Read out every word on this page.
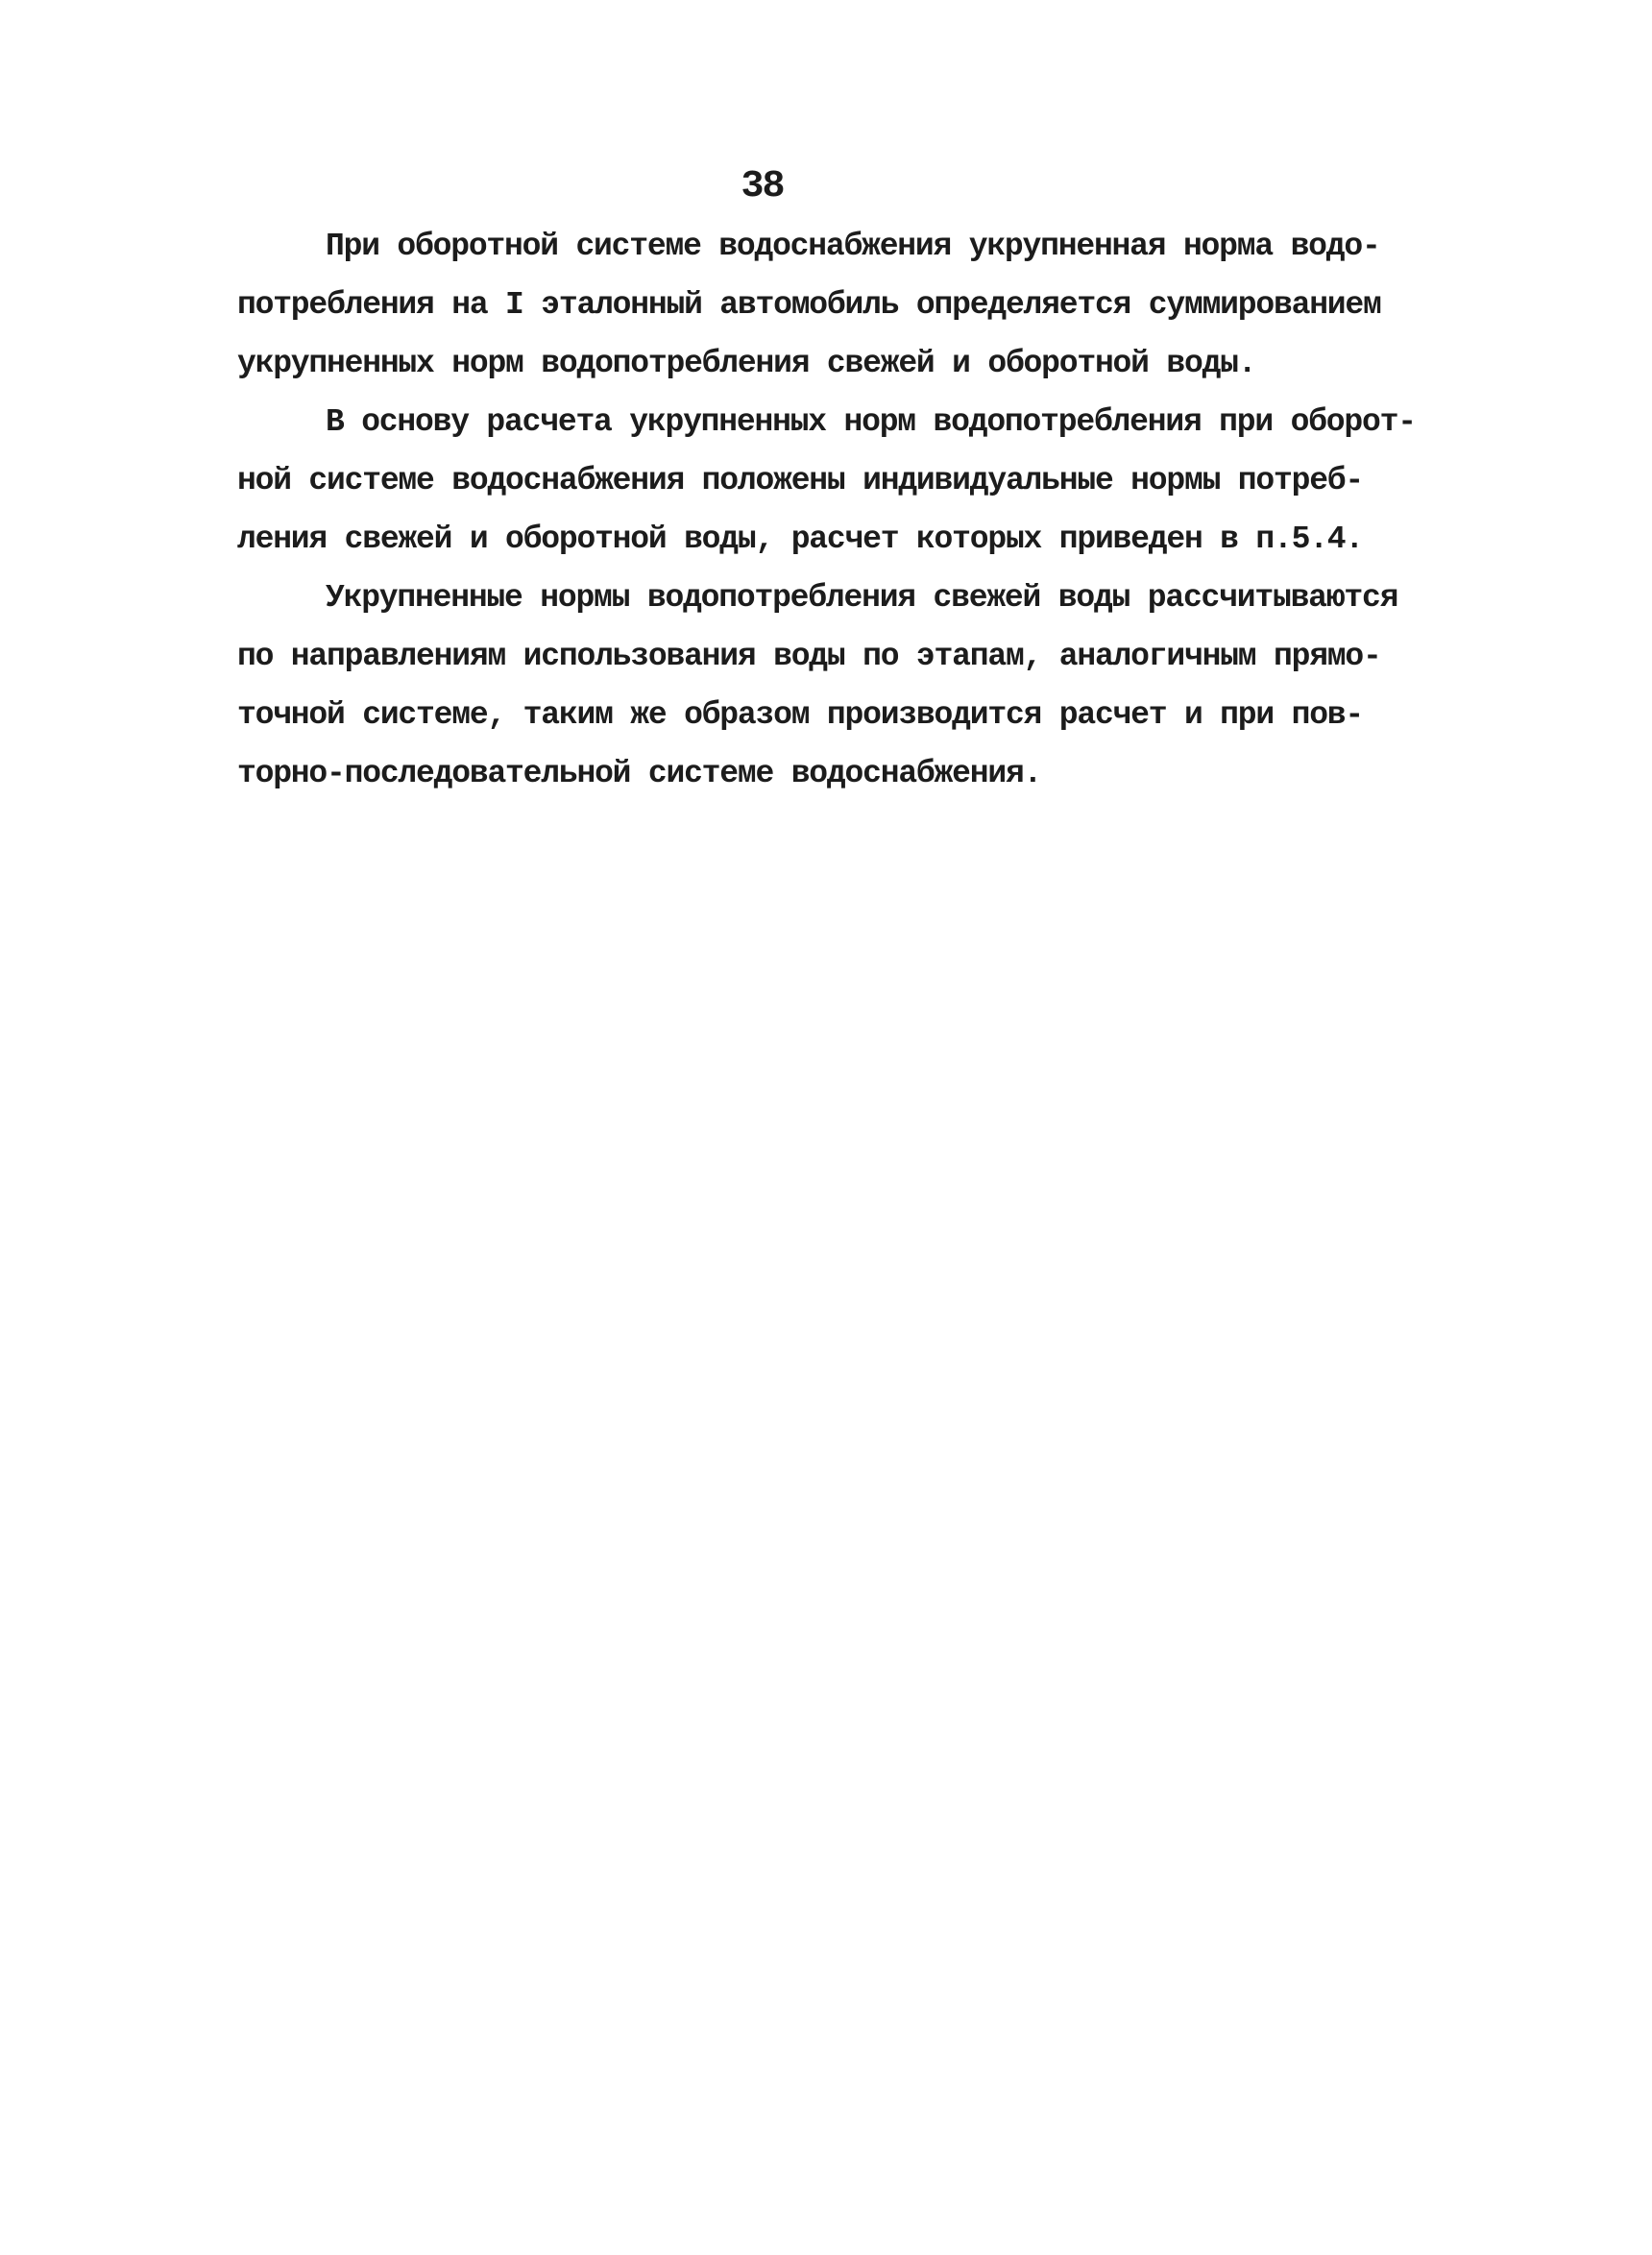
38
При оборотной системе водоснабжения укрупненная норма водо-
потребления на I эталонный автомобиль определяется суммированием
укрупненных норм водопотребления свежей и оборотной воды.
В основу расчета укрупненных норм водопотребления при оборот-
ной системе водоснабжения положены индивидуальные нормы потреб-
ления свежей и оборотной воды, расчет которых приведен в п.5.4.
Укрупненные нормы водопотребления свежей воды рассчитываются
по направлениям использования воды по этапам, аналогичным прямо-
точной системе, таким же образом производится расчет и при пов-
торно-последовательной системе водоснабжения.
